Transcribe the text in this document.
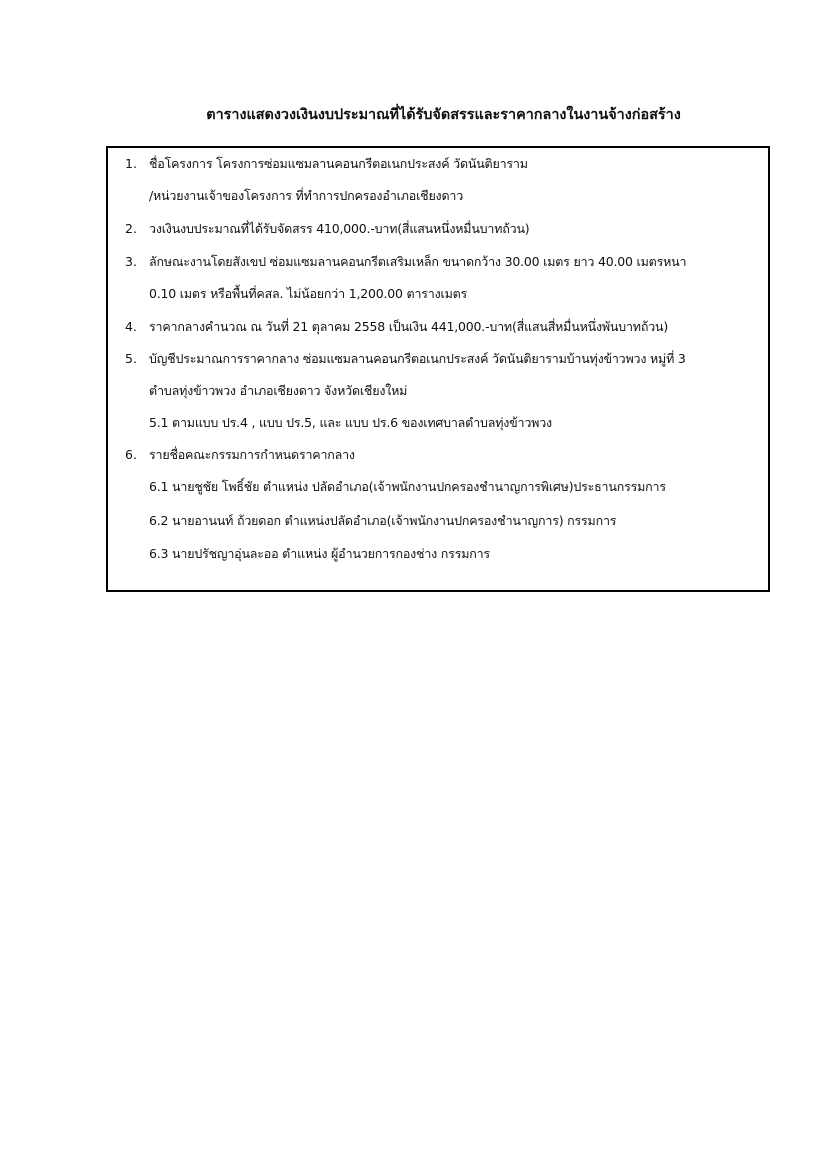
ตารางแสดงวงเงินงบประมาณที่ได้รับจัดสรรและราคากลางในงานจ้างก่อสร้าง
1. ชื่อโครงการ โครงการซ่อมแซมลานคอนกรีตอเนกประสงค์ วัดนันติยาราม
/หน่วยงานเจ้าของโครงการ ที่ทำการปกครองอำเภอเชียงดาว
2. วงเงินงบประมาณที่ได้รับจัดสรร 410,000.-บาท(สี่แสนหนึ่งหมื่นบาทถ้วน)
3. ลักษณะงานโดยสังเขป ซ่อมแซมลานคอนกรีตเสริมเหล็ก ขนาดกว้าง 30.00 เมตร ยาว 40.00 เมตรหนา
0.10 เมตร หรือพื้นที่คสล. ไม่น้อยกว่า 1,200.00 ตารางเมตร
4. ราคากลางคำนวณ ณ วันที่ 21 ตุลาคม 2558 เป็นเงิน 441,000.-บาท(สี่แสนสี่หมื่นหนึ่งพันบาทถ้วน)
5. บัญชีประมาณการราคากลาง ซ่อมแซมลานคอนกรีตอเนกประสงค์ วัดนันติยารามบ้านทุ่งข้าวพวง หมู่ที่ 3
ตำบลทุ่งข้าวพวง อำเภอเชียงดาว จังหวัดเชียงใหม่
5.1 ตามแบบ ปร.4 , แบบ ปร.5, และ แบบ ปร.6 ของเทศบาลตำบลทุ่งข้าวพวง
6. รายชื่อคณะกรรมการกำหนดราคากลาง
6.1 นายชูชัย โพธิ์ชัย ตำแหน่ง ปลัดอำเภอ(เจ้าพนักงานปกครองชำนาญการพิเศษ)ประธานกรรมการ
6.2 นายอานนท์ ถ้วยดอก ตำแหน่งปลัดอำเภอ(เจ้าพนักงานปกครองชำนาญการ) กรรมการ
6.3 นายปรัชญาอุ่นละออ ตำแหน่ง ผู้อำนวยการกองช่าง กรรมการ
